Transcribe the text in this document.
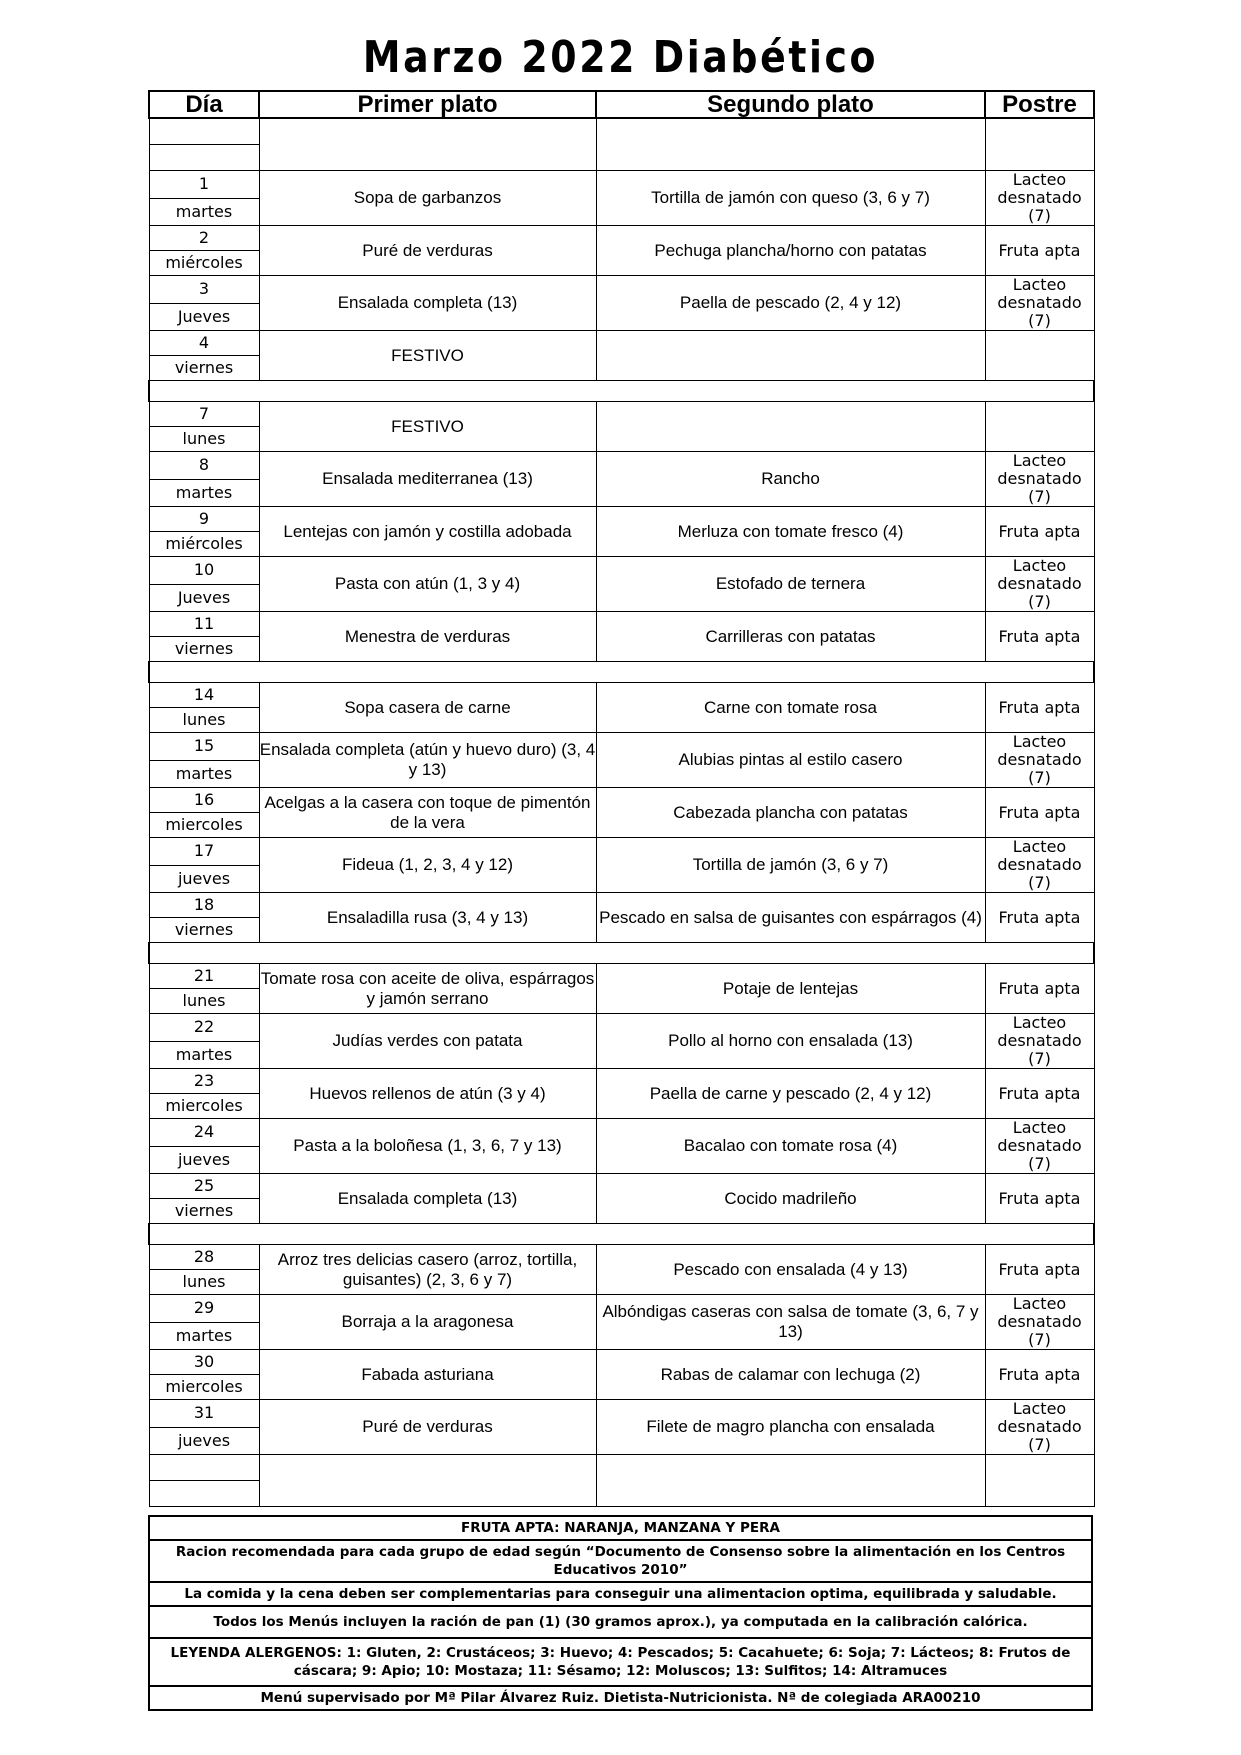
Marzo 2022 Diabético
Día	Primer plato	Segundo plato	Postre

1	Sopa de garbanzos	Tortilla de jamón con queso (3, 6 y 7)	Lacteo desnatado (7)
martes			
2	Puré de verduras	Pechuga plancha/horno con patatas	Fruta apta
miércoles			
3	Ensalada completa (13)	Paella de pescado (2, 4 y 12)	Lacteo desnatado (7)
Jueves			
4	FESTIVO		
viernes			

7	FESTIVO		
lunes			
8	Ensalada mediterranea (13)	Rancho	Lacteo desnatado (7)
martes			
9	Lentejas con jamón y costilla adobada	Merluza con tomate fresco (4)	Fruta apta
miércoles			
10	Pasta con atún (1, 3 y 4)	Estofado de ternera	Lacteo desnatado (7)
Jueves			
11	Menestra de verduras	Carrilleras con patatas	Fruta apta
viernes			

14	Sopa casera de carne	Carne con tomate rosa	Fruta apta
lunes			
15	Ensalada completa (atún y huevo duro) (3, 4 y 13)	Alubias pintas al estilo casero	Lacteo desnatado (7)
martes			
16	Acelgas a la casera con toque de pimentón de la vera	Cabezada plancha con patatas	Fruta apta
miercoles			
17	Fideua (1, 2, 3, 4 y 12)	Tortilla de jamón (3, 6 y 7)	Lacteo desnatado (7)
jueves			
18	Ensaladilla rusa (3, 4 y 13)	Pescado en salsa de guisantes con espárragos (4)	Fruta apta
viernes			

21	Tomate rosa con aceite de oliva, espárragos y jamón serrano	Potaje de lentejas	Fruta apta
lunes			
22	Judías verdes con patata	Pollo al horno con ensalada (13)	Lacteo desnatado (7)
martes			
23	Huevos rellenos de atún (3 y 4)	Paella de carne y pescado (2, 4 y 12)	Fruta apta
miercoles			
24	Pasta a la boloñesa (1, 3, 6, 7 y 13)	Bacalao con tomate rosa (4)	Lacteo desnatado (7)
jueves			
25	Ensalada completa (13)	Cocido madrileño	Fruta apta
viernes			

28	Arroz tres delicias casero (arroz, tortilla, guisantes) (2, 3, 6 y 7)	Pescado con ensalada (4 y 13)	Fruta apta
lunes			
29	Borraja a la aragonesa	Albóndigas caseras con salsa de tomate (3, 6, 7 y 13)	Lacteo desnatado (7)
martes			
30	Fabada asturiana	Rabas de calamar con lechuga (2)	Fruta apta
miercoles			
31	Puré de verduras	Filete de magro plancha con ensalada	Lacteo desnatado (7)
jueves			

FRUTA APTA: NARANJA, MANZANA Y PERA
Racion recomendada para cada grupo de edad según “Documento de Consenso sobre la alimentación en los Centros Educativos 2010”
La comida y la cena deben ser complementarias para conseguir una alimentacion optima, equilibrada y saludable.
Todos los Menús incluyen la ración de pan (1) (30 gramos aprox.), ya computada en la calibración calórica.
LEYENDA ALERGENOS: 1: Gluten, 2: Crustáceos; 3: Huevo; 4: Pescados; 5: Cacahuete; 6: Soja; 7: Lácteos; 8: Frutos de cáscara; 9: Apio; 10: Mostaza; 11: Sésamo; 12: Moluscos; 13: Sulfitos; 14: Altramuces
Menú supervisado por Mª Pilar Álvarez Ruiz. Dietista-Nutricionista. Nª de colegiada ARA00210
